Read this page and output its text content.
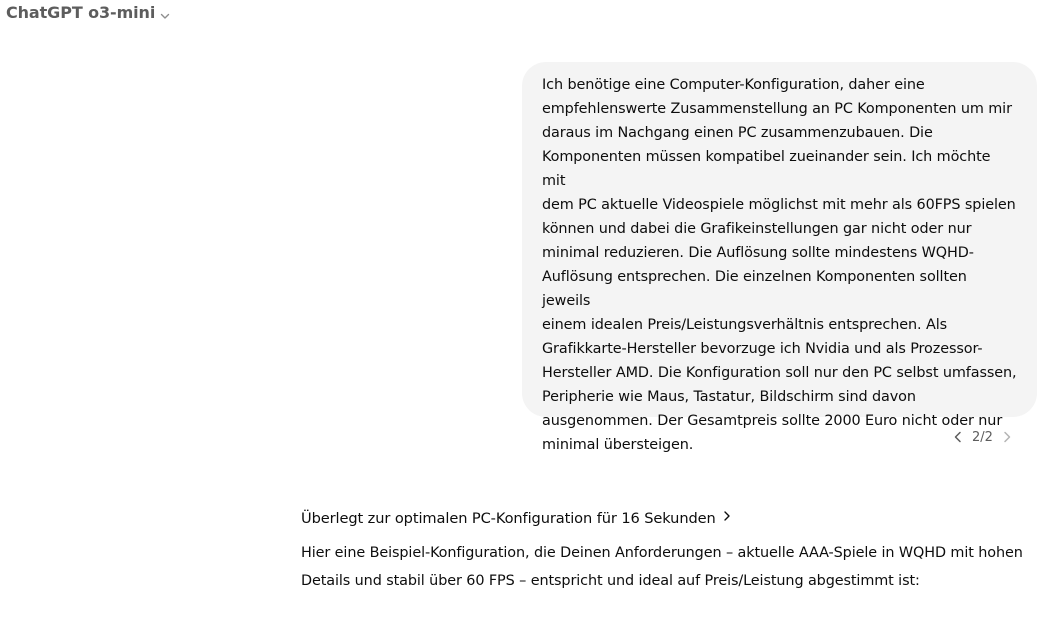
ChatGPT o3-mini
Ich benötige eine Computer-Konfiguration, daher eine
empfehlenswerte Zusammenstellung an PC Komponenten um mir
daraus im Nachgang einen PC zusammenzubauen. Die
Komponenten müssen kompatibel zueinander sein. Ich möchte mit
dem PC aktuelle Videospiele möglichst mit mehr als 60FPS spielen
können und dabei die Grafikeinstellungen gar nicht oder nur
minimal reduzieren. Die Auflösung sollte mindestens WQHD-
Auflösung entsprechen. Die einzelnen Komponenten sollten jeweils
einem idealen Preis/Leistungsverhältnis entsprechen. Als
Grafikkarte-Hersteller bevorzuge ich Nvidia und als Prozessor-
Hersteller AMD. Die Konfiguration soll nur den PC selbst umfassen,
Peripherie wie Maus, Tastatur, Bildschirm sind davon
ausgenommen. Der Gesamtpreis sollte 2000 Euro nicht oder nur
minimal übersteigen.	2/2
Überlegt zur optimalen PC-Konfiguration für 16 Sekunden
Hier eine Beispiel-Konfiguration, die Deinen Anforderungen – aktuelle AAA-Spiele in WQHD mit hohen
Details und stabil über 60 FPS – entspricht und ideal auf Preis/Leistung abgestimmt ist:
